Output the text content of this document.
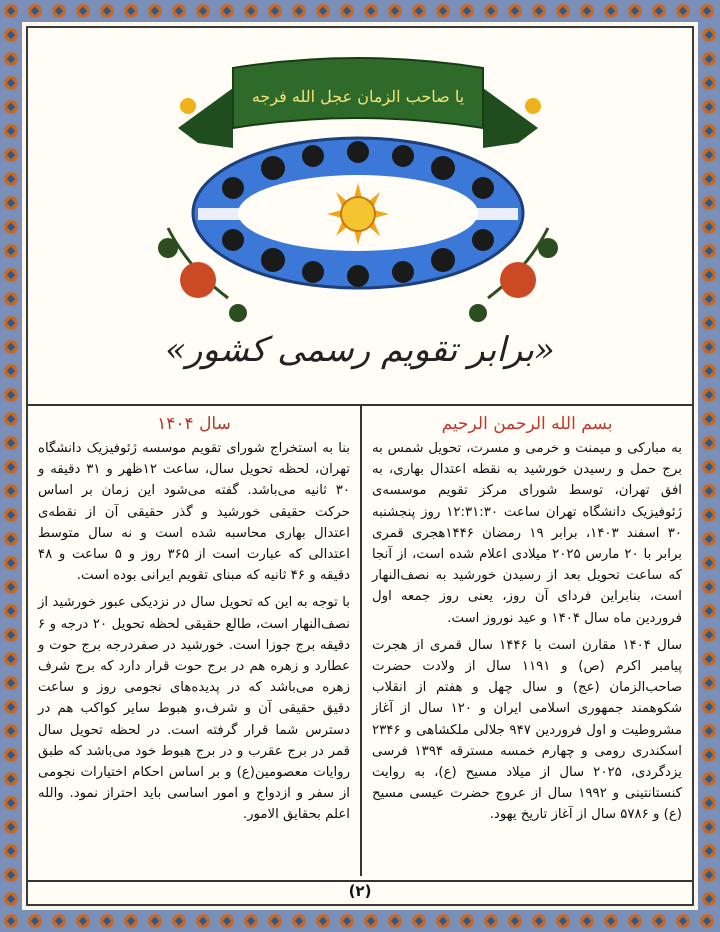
يا صاحب الزمان عجل الله فرجه
«برابر تقویم رسمی کشور»
بسم الله الرحمن الرحیم

به مبارکی و میمنت و خرمی و مسرت، تحویل شمس به برج حمل و رسیدن خورشید به نقطه اعتدال بهاری، به افق تهران، توسط شورای مرکز تقویم موسسه‌ی ژئوفیزیک دانشگاه تهران ساعت ۱۲:۳۱:۳۰ روز پنجشنبه ۳۰ اسفند ۱۴۰۳، برابر ۱۹ رمضان ۱۴۴۶هجری قمری برابر با ۲۰ مارس ۲۰۲۵ میلادی اعلام شده است، از آنجا که ساعت تحویل بعد از رسیدن خورشید به نصف‌النهار است، بنابراین فردای آن روز، یعنی روز جمعه اول فروردین ماه سال ۱۴۰۴ و عید نوروز است.

سال ۱۴۰۴ مقارن است با ۱۴۴۶ سال قمری از هجرت پیامبر اکرم (ص) و ۱۱۹۱ سال از ولادت حضرت صاحب‌الزمان (عج) و سال چهل و هفتم از انقلاب شکوهمند جمهوری اسلامی ایران و ۱۲۰ سال از آغاز مشروطیت و اول فروردین ۹۴۷ جلالی ملکشاهی و ۲۳۴۶ اسکندری رومی و چهارم خمسه مسترقه ۱۳۹۴ فرسی یزدگردی، ۲۰۲۵ سال از میلاد مسیح (ع)، به روایت کنستانتینی و ۱۹۹۲ سال از عروج حضرت عیسی مسیح (ع) و ۵۷۸۶ سال از آغاز تاریخ یهود.

سال ۱۴۰۴

بنا به استخراج شورای تقویم موسسه ژئوفیزیک دانشگاه تهران، لحظه تحویل سال، ساعت ۱۲ظهر و ۳۱ دقیقه و ۳۰ ثانیه می‌باشد. گفته می‌شود این زمان بر اساس حرکت حقیقی خورشید و گذر حقیقی آن از نقطه‌ی اعتدال بهاری محاسبه شده است و نه سال متوسط اعتدالی که عبارت است از ۳۶۵ روز و ۵ ساعت و ۴۸ دقیقه و ۴۶ ثانیه که مبنای تقویم ایرانی بوده است.

با توجه به این که تحویل سال در نزدیکی عبور خورشید از نصف‌النهار است، طالع حقیقی لحظه تحویل ۲۰ درجه و ۶ دقیقه برج جوزا است. خورشید در صفردرجه برج حوت و عطارد و زهره هم در برج حوت قرار دارد که برج شرف زهره می‌باشد که در پدیده‌های نجومی روز و ساعت دقیق حقیقی آن و شرف،و هبوط سایر کواکب هم در دسترس شما قرار گرفته است. در لحظه تحویل سال قمر در برج عقرب و در برج هبوط خود می‌باشد که طبق روایات معصومین(ع) و بر اساس احکام اختیارات نجومی از سفر و ازدواج و امور اساسی باید احتراز نمود. والله اعلم بحقایق الامور.

(۲)
